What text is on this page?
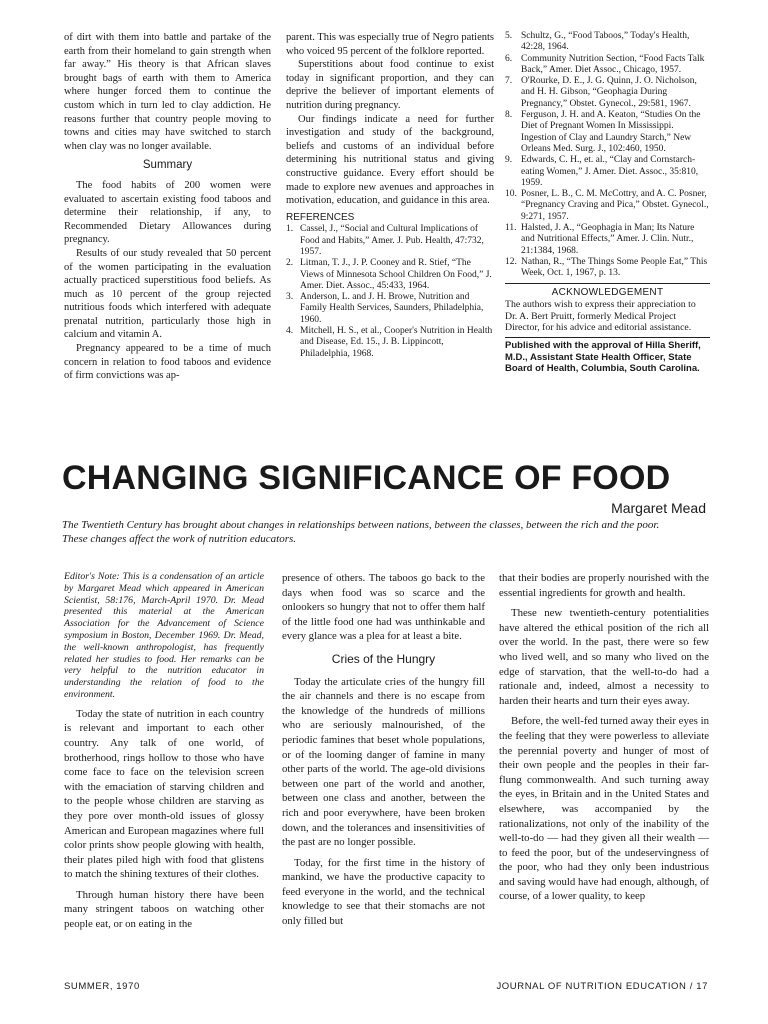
of dirt with them into battle and partake of the earth from their homeland to gain strength when far away.” His theory is that African slaves brought bags of earth with them to America where hunger forced them to continue the custom which in turn led to clay addiction. He reasons further that country people moving to towns and cities may have switched to starch when clay was no longer available.

Summary

The food habits of 200 women were evaluated to ascertain existing food taboos and determine their relationship, if any, to Recommended Dietary Allowances during pregnancy.

Results of our study revealed that 50 percent of the women participating in the evaluation actually practiced superstitious food beliefs. As much as 10 percent of the group rejected nutritious foods which interfered with adequate prenatal nutrition, particularly those high in calcium and vitamin A.

Pregnancy appeared to be a time of much concern in relation to food taboos and evidence of firm convictions was ap-

parent. This was especially true of Negro patients who voiced 95 percent of the folklore reported.

Superstitions about food continue to exist today in significant proportion, and they can deprive the believer of important elements of nutrition during pregnancy.

Our findings indicate a need for further investigation and study of the background, beliefs and customs of an individual before determining his nutritional status and giving constructive guidance. Every effort should be made to explore new avenues and approaches in motivation, education, and guidance in this area.

REFERENCES
1. Cassel, J., “Social and Cultural Implications of Food and Habits,” Amer. J. Pub. Health, 47:732, 1957.
2. Litman, T. J., J. P. Cooney and R. Stief, “The Views of Minnesota School Children On Food,” J. Amer. Diet. Assoc., 45:433, 1964.
3. Anderson, L. and J. H. Browe, Nutrition and Family Health Services, Saunders, Philadelphia, 1960.
4. Mitchell, H. S., et al., Cooper's Nutrition in Health and Disease, Ed. 15., J. B. Lippincott, Philadelphia, 1968.
5. Schultz, G., “Food Taboos,” Today's Health, 42:28, 1964.
6. Community Nutrition Section, “Food Facts Talk Back,” Amer. Diet Assoc., Chicago, 1957.
7. O'Rourke, D. E., J. G. Quinn, J. O. Nicholson, and H. H. Gibson, “Geophagia During Pregnancy,” Obstet. Gynecol., 29:581, 1967.
8. Ferguson, J. H. and A. Keaton, “Studies On the Diet of Pregnant Women In Mississippi. Ingestion of Clay and Laundry Starch,” New Orleans Med. Surg. J., 102:460, 1950.
9. Edwards, C. H., et. al., “Clay and Cornstarch-eating Women,” J. Amer. Diet. Assoc., 35:810, 1959.
10. Posner, L. B., C. M. McCottry, and A. C. Posner, “Pregnancy Craving and Pica,” Obstet. Gynecol., 9:271, 1957.
11. Halsted, J. A., “Geophagia in Man; Its Nature and Nutritional Effects,” Amer. J. Clin. Nutr., 21:1384, 1968.
12. Nathan, R., “The Things Some People Eat,” This Week, Oct. 1, 1967, p. 13.
ACKNOWLEDGEMENT

The authors wish to express their appreciation to Dr. A. Bert Pruitt, formerly Medical Project Director, for his advice and editorial assistance.

Published with the approval of Hilla Sheriff, M.D., Assistant State Health Officer, State Board of Health, Columbia, South Carolina.

CHANGING SIGNIFICANCE OF FOOD
Margaret Mead

The Twentieth Century has brought about changes in relationships between nations, between the classes, between the rich and the poor. These changes affect the work of nutrition educators.

Editor's Note: This is a condensation of an article by Margaret Mead which appeared in American Scientist, 58:176, March-April 1970. Dr. Mead presented this material at the American Association for the Advancement of Science symposium in Boston, December 1969. Dr. Mead, the well-known anthropologist, has frequently related her studies to food. Her remarks can be very helpful to the nutrition educator in understanding the relation of food to the environment.

Today the state of nutrition in each country is relevant and important to each other country. Any talk of one world, of brotherhood, rings hollow to those who have come face to face on the television screen with the emaciation of starving children and to the people whose children are starving as they pore over month-old issues of glossy American and European magazines where full color prints show people glowing with health, their plates piled high with food that glistens to match the shining textures of their clothes.

Through human history there have been many stringent taboos on watching other people eat, or on eating in the

presence of others. The taboos go back to the days when food was so scarce and the onlookers so hungry that not to offer them half of the little food one had was unthinkable and every glance was a plea for at least a bite.

Cries of the Hungry

Today the articulate cries of the hungry fill the air channels and there is no escape from the knowledge of the hundreds of millions who are seriously malnourished, of the periodic famines that beset whole populations, or of the looming danger of famine in many other parts of the world. The age-old divisions between one part of the world and another, between one class and another, between the rich and poor everywhere, have been broken down, and the tolerances and insensitivities of the past are no longer possible.

Today, for the first time in the history of mankind, we have the productive capacity to feed everyone in the world, and the technical knowledge to see that their stomachs are not only filled but

that their bodies are properly nourished with the essential ingredients for growth and health.

These new twentieth-century potentialities have altered the ethical position of the rich all over the world. In the past, there were so few who lived well, and so many who lived on the edge of starvation, that the well-to-do had a rationale and, indeed, almost a necessity to harden their hearts and turn their eyes away.

Before, the well-fed turned away their eyes in the feeling that they were powerless to alleviate the perennial poverty and hunger of most of their own people and the peoples in their far-flung commonwealth. And such turning away the eyes, in Britain and in the United States and elsewhere, was accompanied by the rationalizations, not only of the inability of the well-to-do — had they given all their wealth — to feed the poor, but of the undeservingness of the poor, who had they only been industrious and saving would have had enough, although, of course, of a lower quality, to keep

SUMMER, 1970	JOURNAL OF NUTRITION EDUCATION / 17
